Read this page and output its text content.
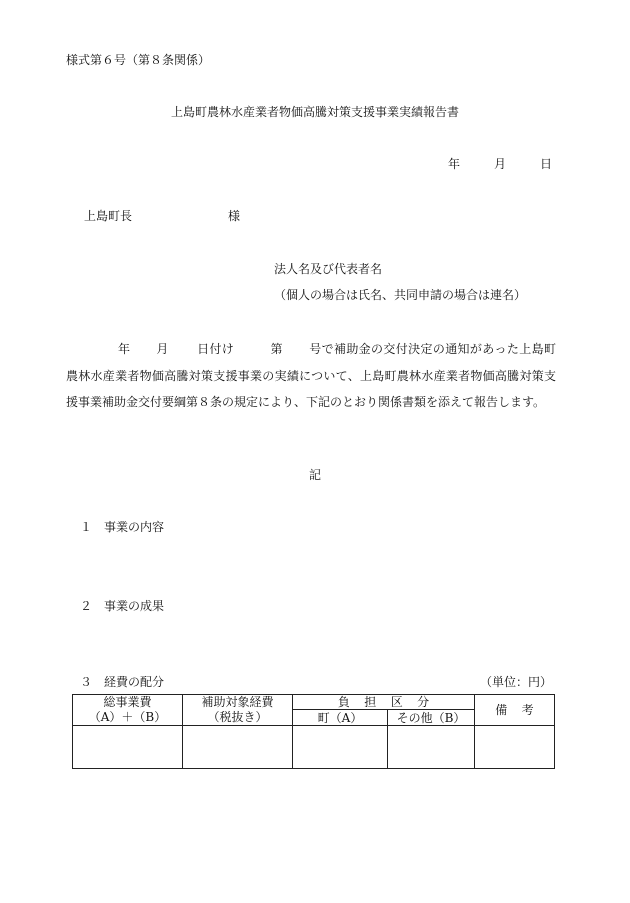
様式第６号（第８条関係）
上島町農林水産業者物価高騰対策支援事業実績報告書
年	月	日
上島町長	様
法人名及び代表者名
（個人の場合は氏名、共同申請の場合は連名）
年 月 日付け	第 号で補助金の交付決定の通知があった上島町農林水産業者物価高騰対策支援事業の実績について、上島町農林水産業者物価高騰対策支援事業補助金交付要綱第８条の規定により、下記のとおり関係書類を添えて報告します。
記
１ 事業の内容
２ 事業の成果
３ 経費の配分	（単位：円）
総事業費	補助対象経費	負担区分		備考
（A）＋（B）	（税抜き）	町（A）	その他（B）	
